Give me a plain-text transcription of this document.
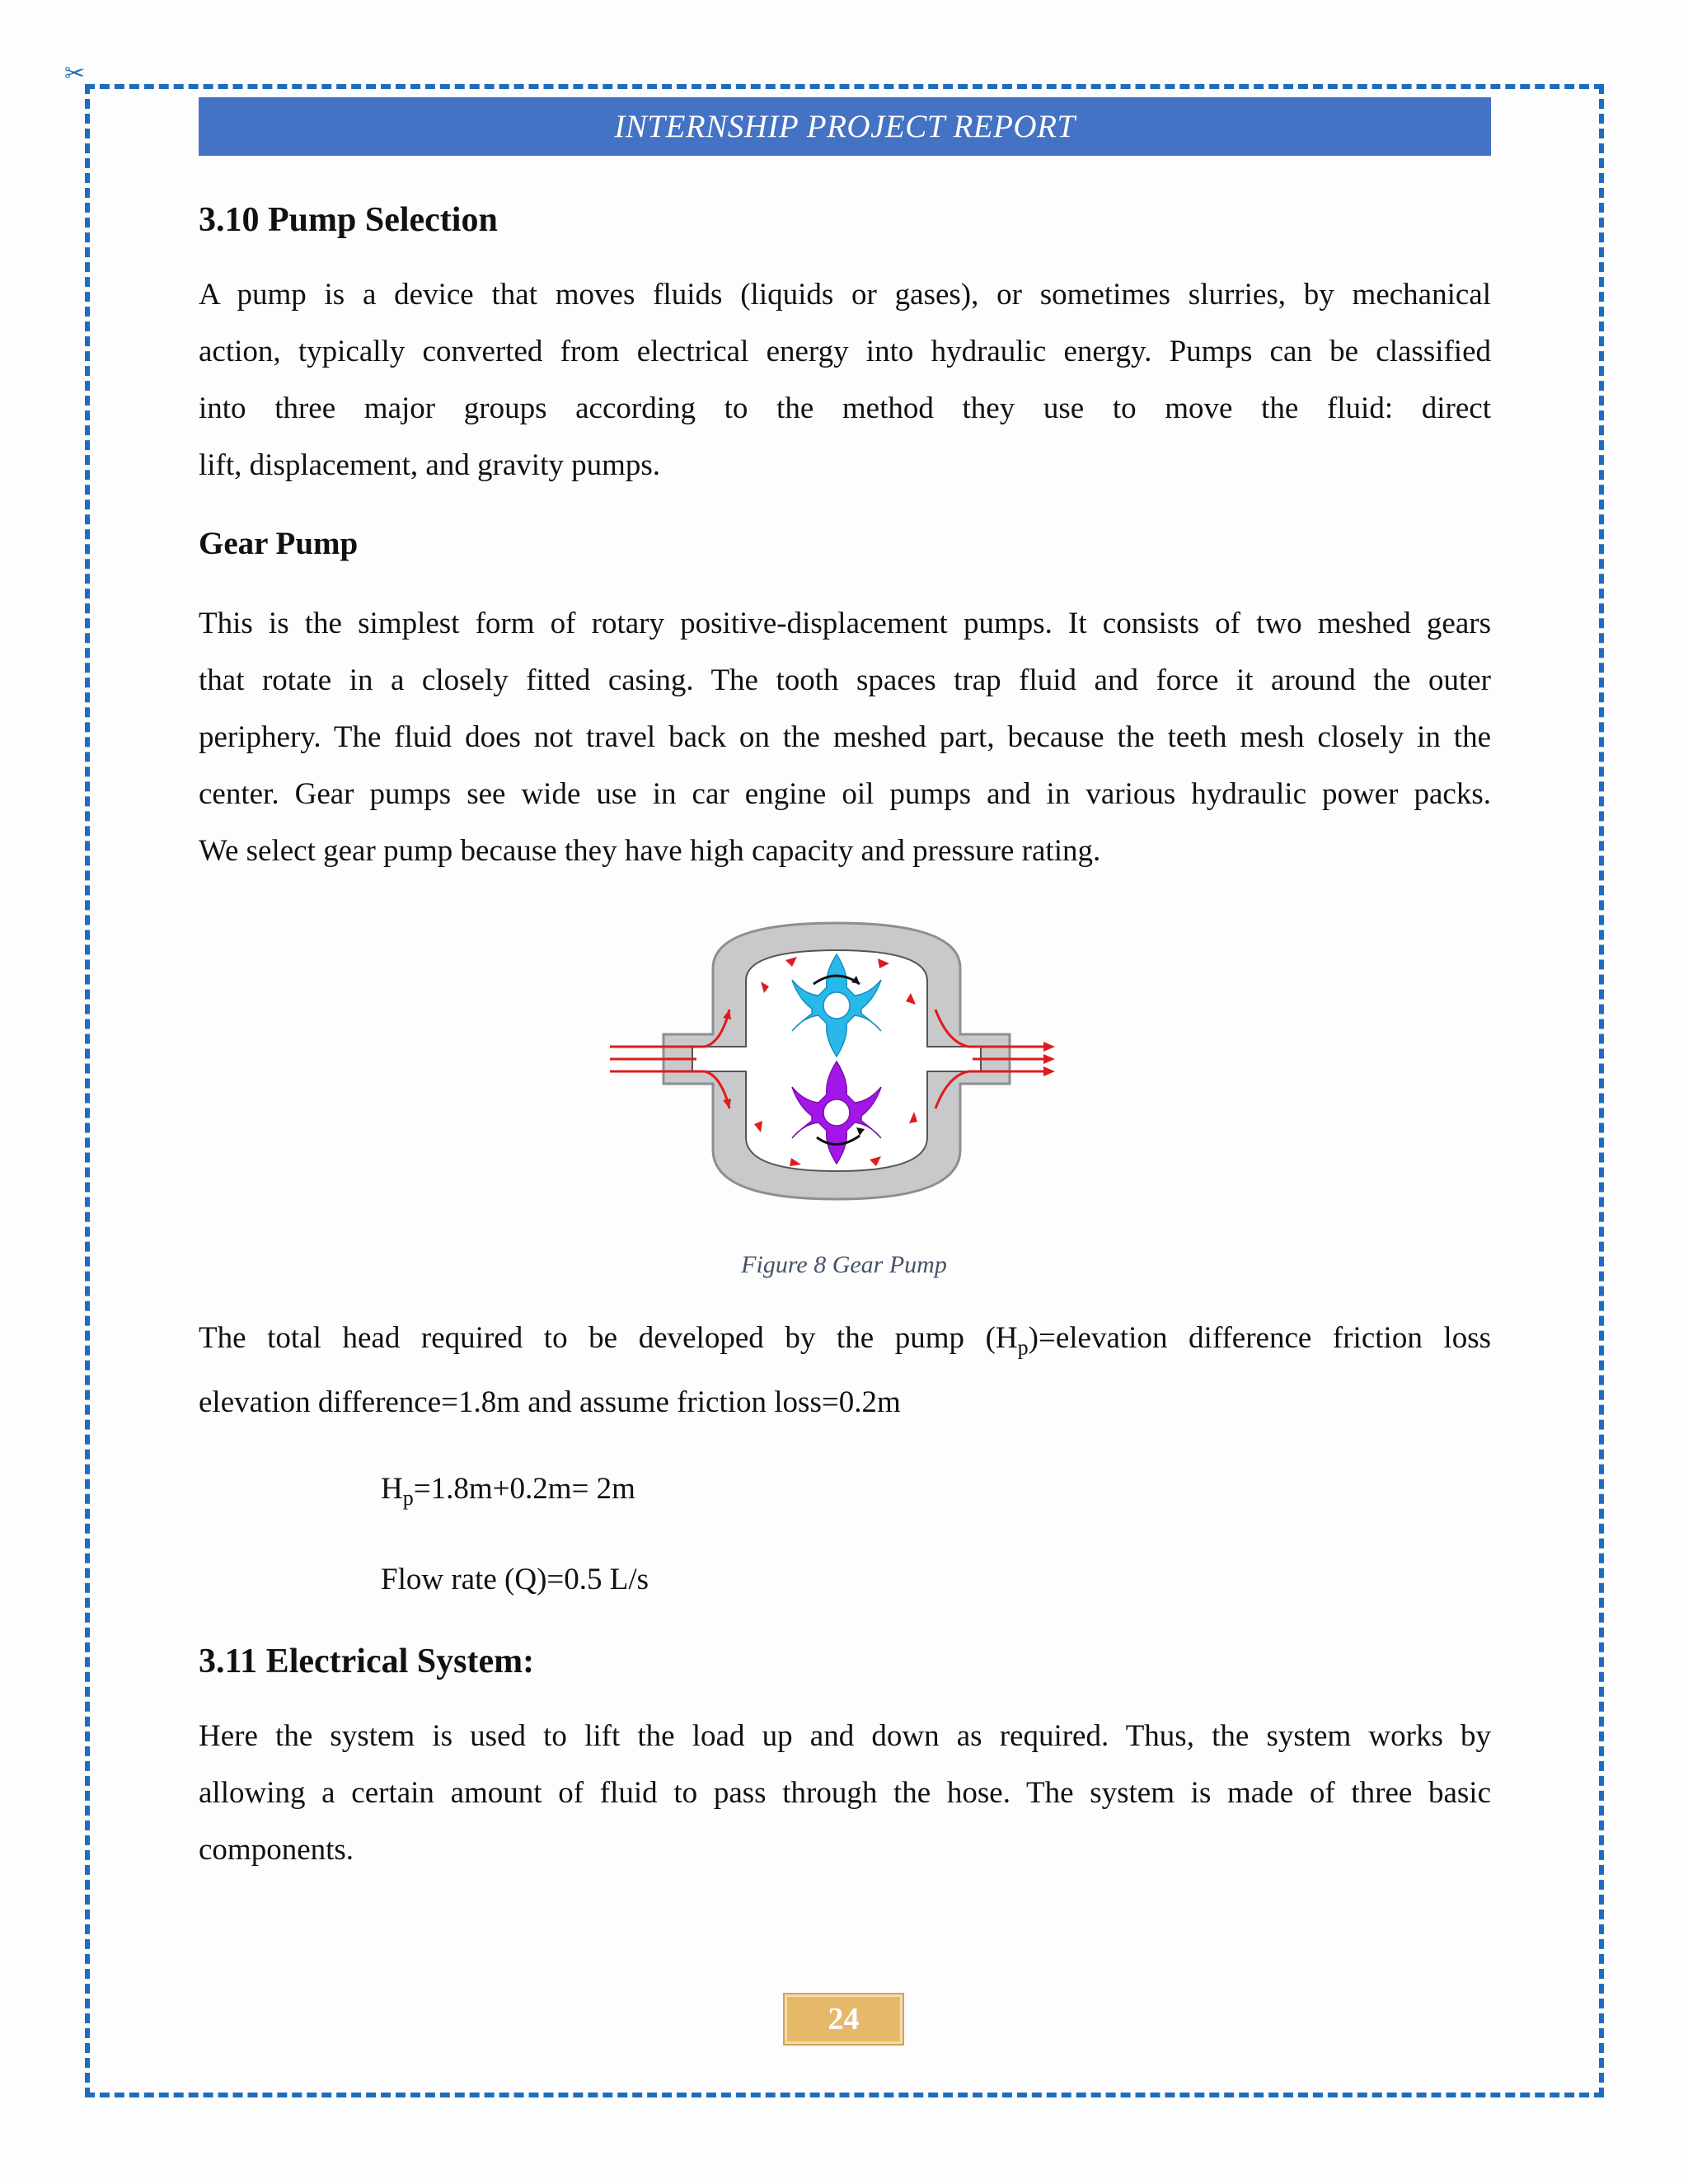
✂
INTERNSHIP PROJECT REPORT
3.10 Pump Selection
A pump is a device that moves fluids (liquids or gases), or sometimes slurries, by mechanical
action, typically converted from electrical energy into hydraulic energy. Pumps can be classified
into three major groups according to the method they use to move the fluid: direct
lift, displacement, and gravity pumps.
Gear Pump
This is the simplest form of rotary positive-displacement pumps. It consists of two meshed gears
that rotate in a closely fitted casing. The tooth spaces trap fluid and force it around the outer
periphery. The fluid does not travel back on the meshed part, because the teeth mesh closely in the
center. Gear pumps see wide use in car engine oil pumps and in various hydraulic power packs.
We select gear pump because they have high capacity and pressure rating.
Figure 8 Gear Pump
The total head required to be developed by the pump $(H_p)=elevation$ difference friction loss
elevation difference=1.8m and assume friction loss=0.2m
$H_p=1.8m+0.2m= 2m$
Flow rate (Q)=0.5 L/s
3.11 Electrical System:
Here the system is used to lift the load up and down as required. Thus, the system works by
allowing a certain amount of fluid to pass through the hose. The system is made of three basic
components.
24
